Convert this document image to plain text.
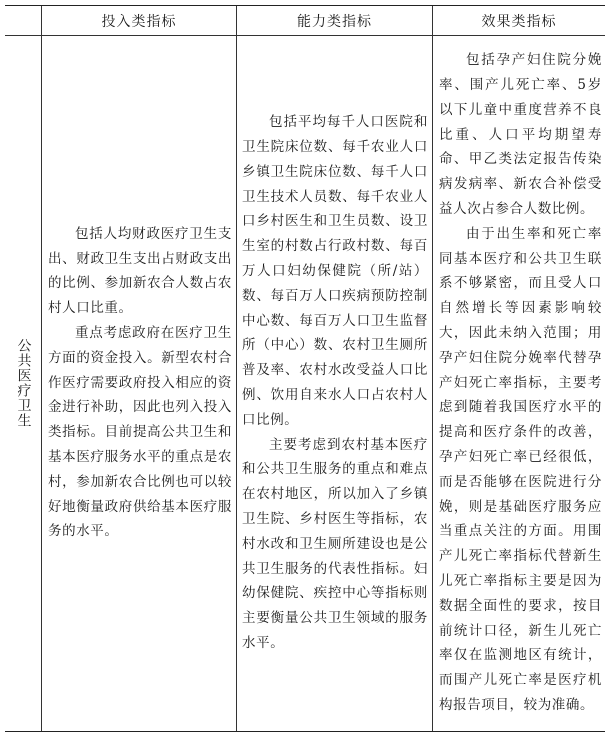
投入类指标	能力类指标	效果类指标
公共医疗卫生

包括人均财政医疗卫生支出、财政卫生支出占财政支出的比例、参加新农合人数占农村人口比重。

重点考虑政府在医疗卫生方面的资金投入。新型农村合作医疗需要政府投入相应的资金进行补助，因此也列入投入类指标。目前提高公共卫生和基本医疗服务水平的重点是农村，参加新农合比例也可以较好地衡量政府供给基本医疗服务的水平。

包括平均每千人口医院和卫生院床位数、每千农业人口乡镇卫生院床位数、每千人口卫生技术人员数、每千农业人口乡村医生和卫生员数、设卫生室的村数占行政村数、每百万人口妇幼保健院（所/站）数、每百万人口疾病预防控制中心数、每百万人口卫生监督所（中心）数、农村卫生厕所普及率、农村水改受益人口比例、饮用自来水人口占农村人口比例。

主要考虑到农村基本医疗和公共卫生服务的重点和难点在农村地区，所以加入了乡镇卫生院、乡村医生等指标，农村水改和卫生厕所建设也是公共卫生服务的代表性指标。妇幼保健院、疾控中心等指标则主要衡量公共卫生领域的服务水平。

包括孕产妇住院分娩率、围产儿死亡率、5岁以下儿童中重度营养不良比重、人口平均期望寿命、甲乙类法定报告传染病发病率、新农合补偿受益人次占参合人数比例。

由于出生率和死亡率同基本医疗和公共卫生联系不够紧密，而且受人口自然增长等因素影响较大，因此未纳入范围；用孕产妇住院分娩率代替孕产妇死亡率指标，主要考虑到随着我国医疗水平的提高和医疗条件的改善，孕产妇死亡率已经很低，而是否能够在医院进行分娩，则是基础医疗服务应当重点关注的方面。用围产儿死亡率指标代替新生儿死亡率指标主要是因为数据全面性的要求，按目前统计口径，新生儿死亡率仅在监测地区有统计，而围产儿死亡率是医疗机构报告项目，较为准确。
